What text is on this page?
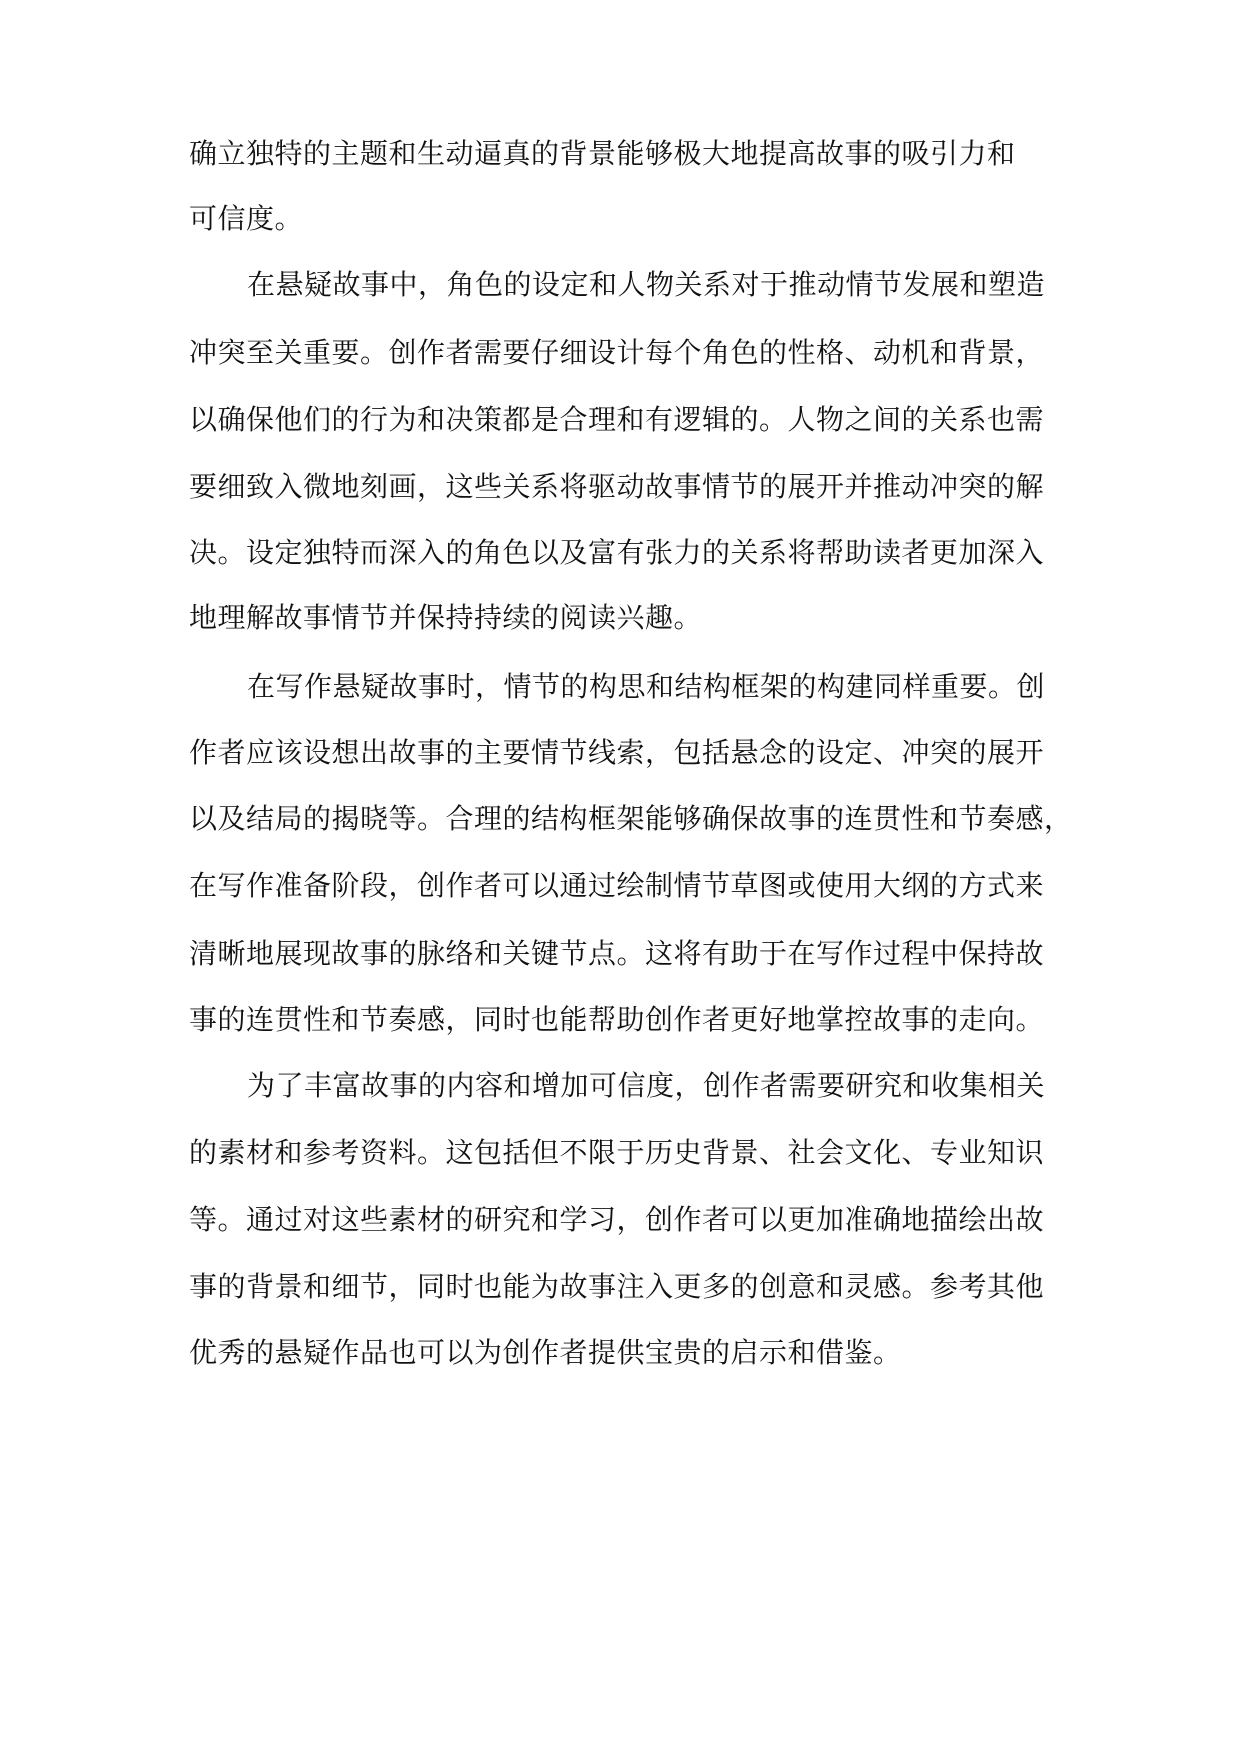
确立独特的主题和生动逼真的背景能够极大地提高故事的吸引力和
可信度。
在悬疑故事中，角色的设定和人物关系对于推动情节发展和塑造
冲突至关重要。创作者需要仔细设计每个角色的性格、动机和背景，
以确保他们的行为和决策都是合理和有逻辑的。人物之间的关系也需
要细致入微地刻画，这些关系将驱动故事情节的展开并推动冲突的解
决。设定独特而深入的角色以及富有张力的关系将帮助读者更加深入
地理解故事情节并保持持续的阅读兴趣。
在写作悬疑故事时，情节的构思和结构框架的构建同样重要。创
作者应该设想出故事的主要情节线索，包括悬念的设定、冲突的展开
以及结局的揭晓等。合理的结构框架能够确保故事的连贯性和节奏感，
在写作准备阶段，创作者可以通过绘制情节草图或使用大纲的方式来
清晰地展现故事的脉络和关键节点。这将有助于在写作过程中保持故
事的连贯性和节奏感，同时也能帮助创作者更好地掌控故事的走向。
为了丰富故事的内容和增加可信度，创作者需要研究和收集相关
的素材和参考资料。这包括但不限于历史背景、社会文化、专业知识
等。通过对这些素材的研究和学习，创作者可以更加准确地描绘出故
事的背景和细节，同时也能为故事注入更多的创意和灵感。参考其他
优秀的悬疑作品也可以为创作者提供宝贵的启示和借鉴。
